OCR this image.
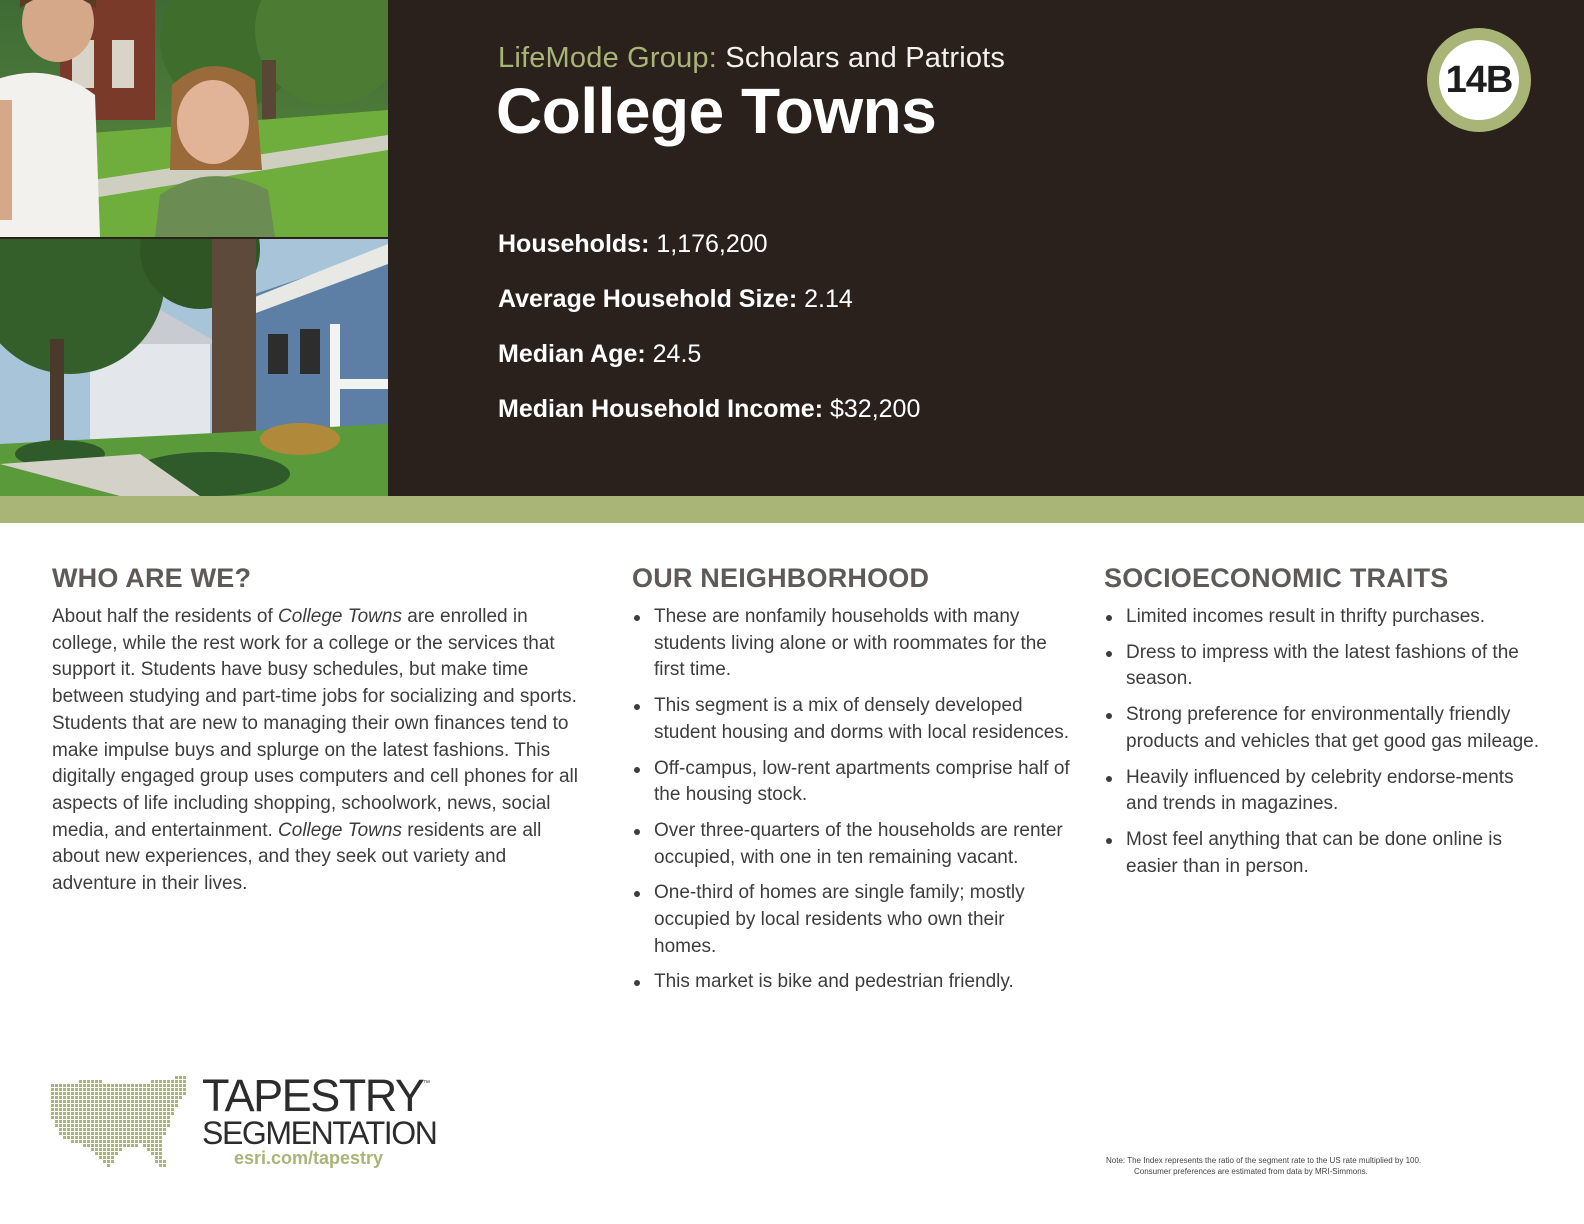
LifeMode Group: Scholars and Patriots
College Towns	14B
Households: 1,176,200
Average Household Size: 2.14
Median Age: 24.5
Median Household Income: $32,200
WHO ARE WE?
About half the residents of College Towns are enrolled in college, while the rest work for a college or the services that support it. Students have busy schedules, but make time between studying and part-time jobs for socializing and sports. Students that are new to managing their own finances tend to make impulse buys and splurge on the latest fashions. This digitally engaged group uses computers and cell phones for all aspects of life including shopping, schoolwork, news, social media, and entertainment. College Towns residents are all about new experiences, and they seek out variety and adventure in their lives.
OUR NEIGHBORHOOD
These are nonfamily households with many students living alone or with roommates for the first time.
This segment is a mix of densely developed student housing and dorms with local residences.
Off-campus, low-rent apartments comprise half of the housing stock.
Over three-quarters of the households are renter occupied, with one in ten remaining vacant.
One-third of homes are single family; mostly occupied by local residents who own their homes.
This market is bike and pedestrian friendly.
SOCIOECONOMIC TRAITS
Limited incomes result in thrifty purchases.
Dress to impress with the latest fashions of the season.
Strong preference for environmentally friendly products and vehicles that get good gas mileage.
Heavily influenced by celebrity endorse-ments and trends in magazines.
Most feel anything that can be done online is easier than in person.
TAPESTRY ™
SEGMENTATION
esri.com/tapestry	Note: The Index represents the ratio of the segment rate to the US rate multiplied by 100.
Consumer preferences are estimated from data by MRI-Simmons.
